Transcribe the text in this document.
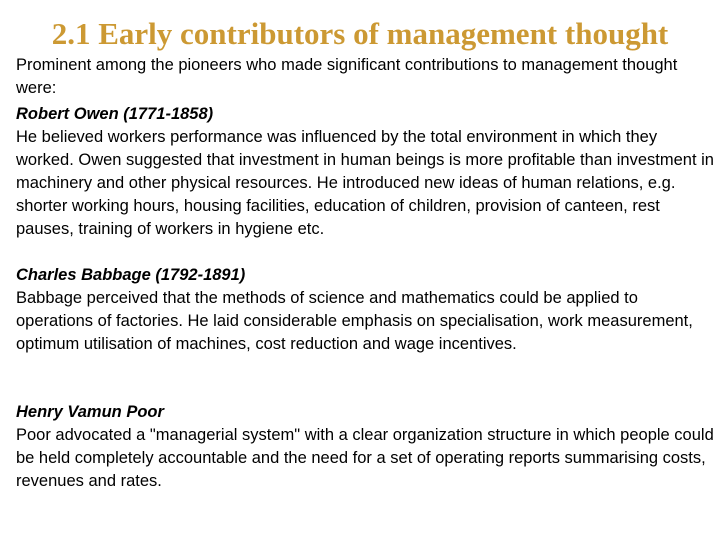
2.1 Early contributors of management thought
Prominent among the pioneers who made significant contributions to management thought were:
Robert Owen (1771-1858)
He believed workers performance was influenced by the total environment in which they worked. Owen suggested that investment in human beings is more profitable than investment in machinery and other physical resources. He introduced new ideas of human relations, e.g. shorter working hours, housing facilities, education of children, provision of canteen, rest pauses, training of workers in hygiene etc.
Charles Babbage (1792-1891)
Babbage perceived that the methods of science and mathematics could be applied to operations of factories. He laid considerable emphasis on specialisation, work measurement, optimum utilisation of machines, cost reduction and wage incentives.
Henry Vamun Poor
Poor advocated a "managerial system" with a clear organization structure in which people could be held completely accountable and the need for a set of operating reports summarising costs, revenues and rates.
